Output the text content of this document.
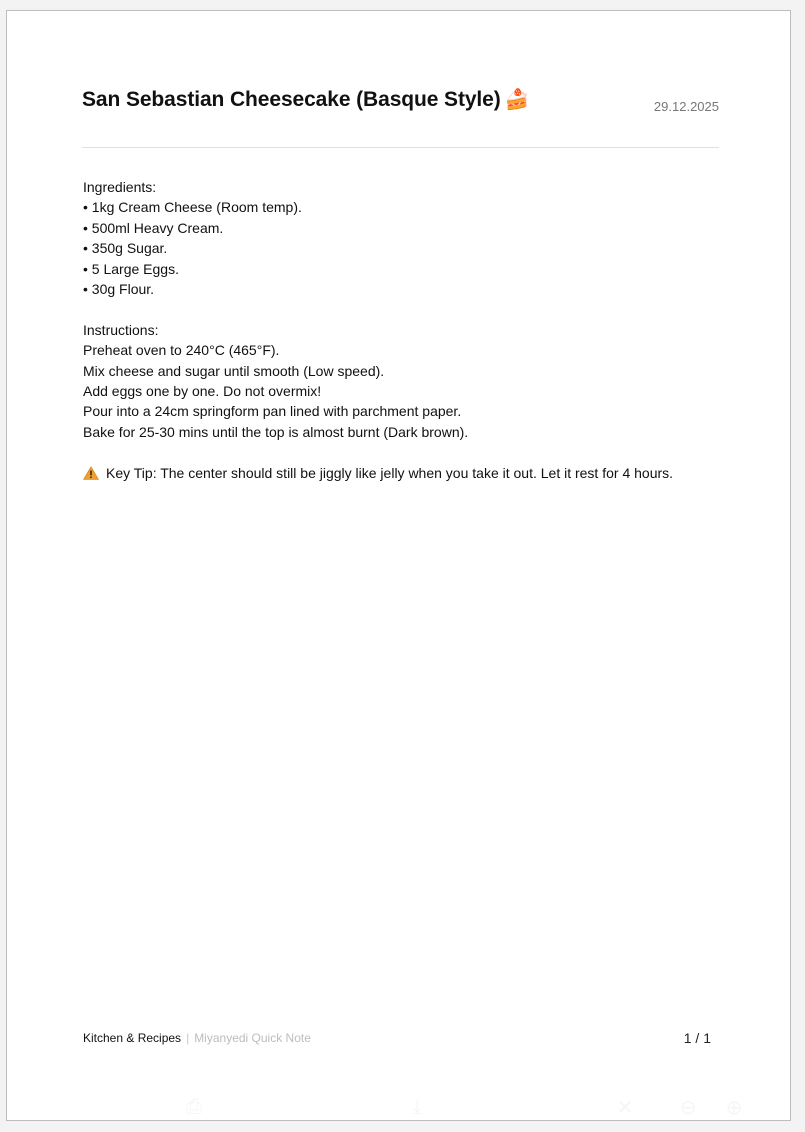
San Sebastian Cheesecake (Basque Style) 🍰	29.12.2025
Ingredients:
• 1kg Cream Cheese (Room temp).
• 500ml Heavy Cream.
• 350g Sugar.
• 5 Large Eggs.
• 30g Flour.
Instructions:
Preheat oven to 240°C (465°F).
Mix cheese and sugar until smooth (Low speed).
Add eggs one by one. Do not overmix!
Pour into a 24cm springform pan lined with parchment paper.
Bake for 25-30 mins until the top is almost burnt (Dark brown).
Key Tip: The center should still be jiggly like jelly when you take it out. Let it rest for 4 hours.
Kitchen & Recipes | Miyanyedi Quick Note	1 / 1
